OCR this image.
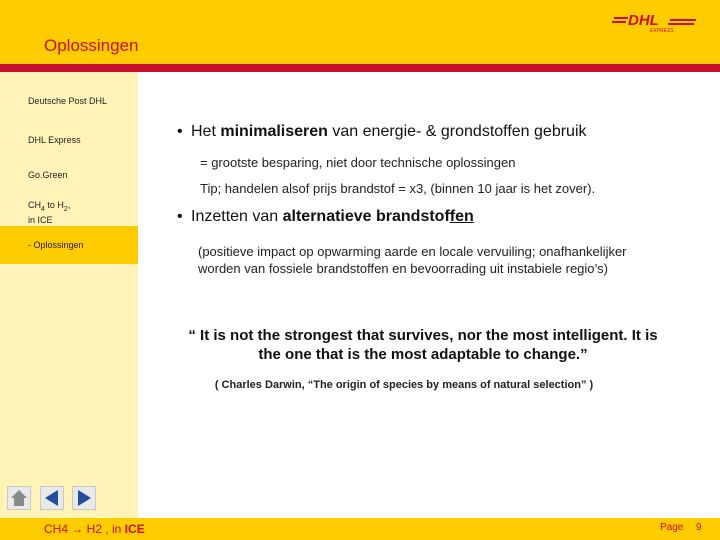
Oplossingen
DHL
EXPRESS
Deutsche Post DHL
DHL Express
Go.Green
$CH_4$ to $H_2$,
in ICE
- Oplossingen
• Het minimaliseren van energie- & grondstoffen gebruik
= grootste besparing, niet door technische oplossingen
Tip; handelen alsof prijs brandstof = x3, (binnen 10 jaar is het zover).
• Inzetten van alternatieve brandstoffen
(positieve impact op opwarming aarde en locale vervuiling; onafhankelijker
worden van fossiele brandstoffen en bevoorrading uit instabiele regio’s)
“ It is not the strongest that survives, nor the most intelligent. It is
the one that is the most adaptable to change.”
( Charles Darwin, “The origin of species by means of natural selection” )
CH4 → H2 , in ICE	Page 9
